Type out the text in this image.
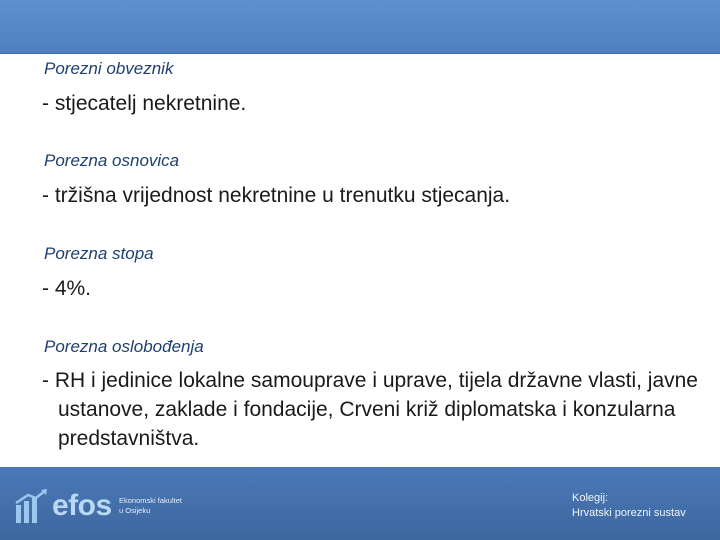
Porezni obveznik
- stjecatelj nekretnine.
Porezna osnovica
- tržišna vrijednost nekretnine u trenutku stjecanja.
Porezna stopa
- 4%.
Porezna oslobođenja
- RH i jedinice lokalne samouprave i uprave, tijela državne vlasti, javne ustanove, zaklade i fondacije, Crveni križ diplomatska i konzularna predstavništva.
efos Ekonomski fakultet
u Osijeku
Kolegij:
Hrvatski porezni sustav
